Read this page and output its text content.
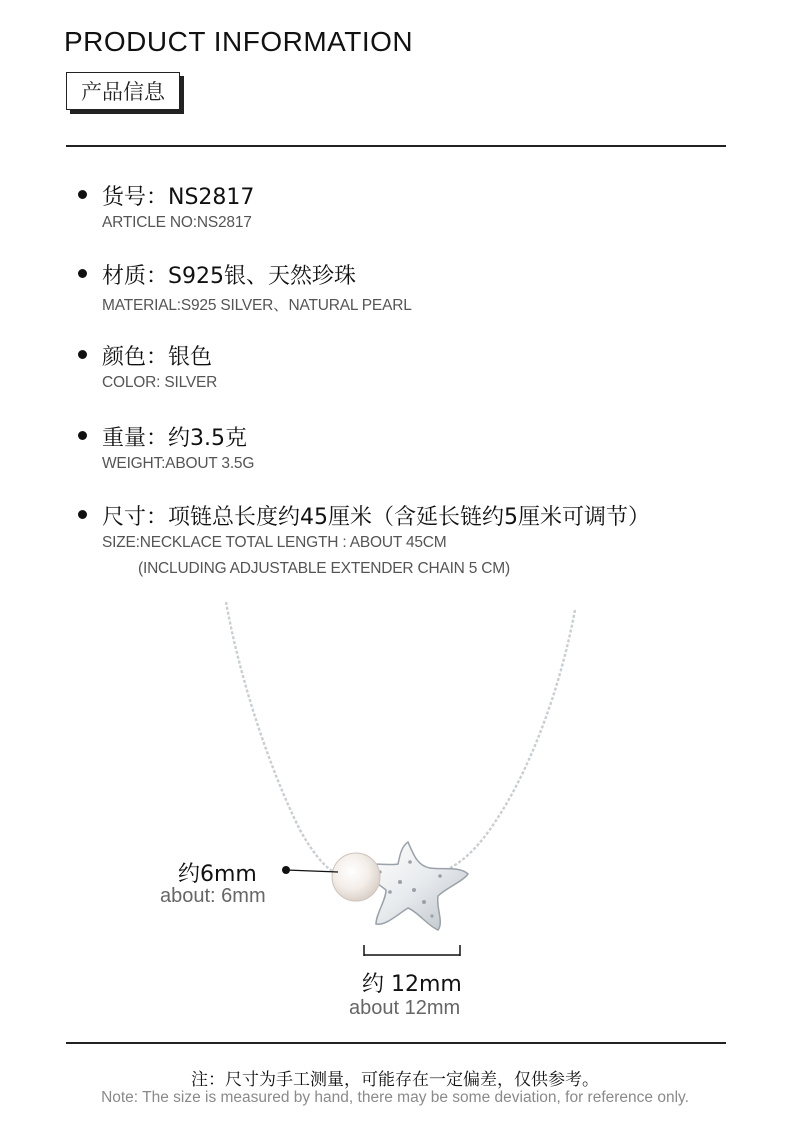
PRODUCT INFORMATION
产品信息
货号：NS2817
ARTICLE NO:NS2817
材质：S925银、天然珍珠
MATERIAL:S925 SILVER、NATURAL PEARL
颜色：银色
COLOR: SILVER
重量：约3.5克
WEIGHT:ABOUT 3.5G
尺寸：项链总长度约45厘米（含延长链约5厘米可调节）
SIZE:NECKLACE TOTAL LENGTH : ABOUT 45CM
(INCLUDING ADJUSTABLE EXTENDER CHAIN 5 CM)
约6mm
about: 6mm
约 12mm
about 12mm
注：尺寸为手工测量，可能存在一定偏差，仅供参考。
Note: The size is measured by hand, there may be some deviation, for reference only.
